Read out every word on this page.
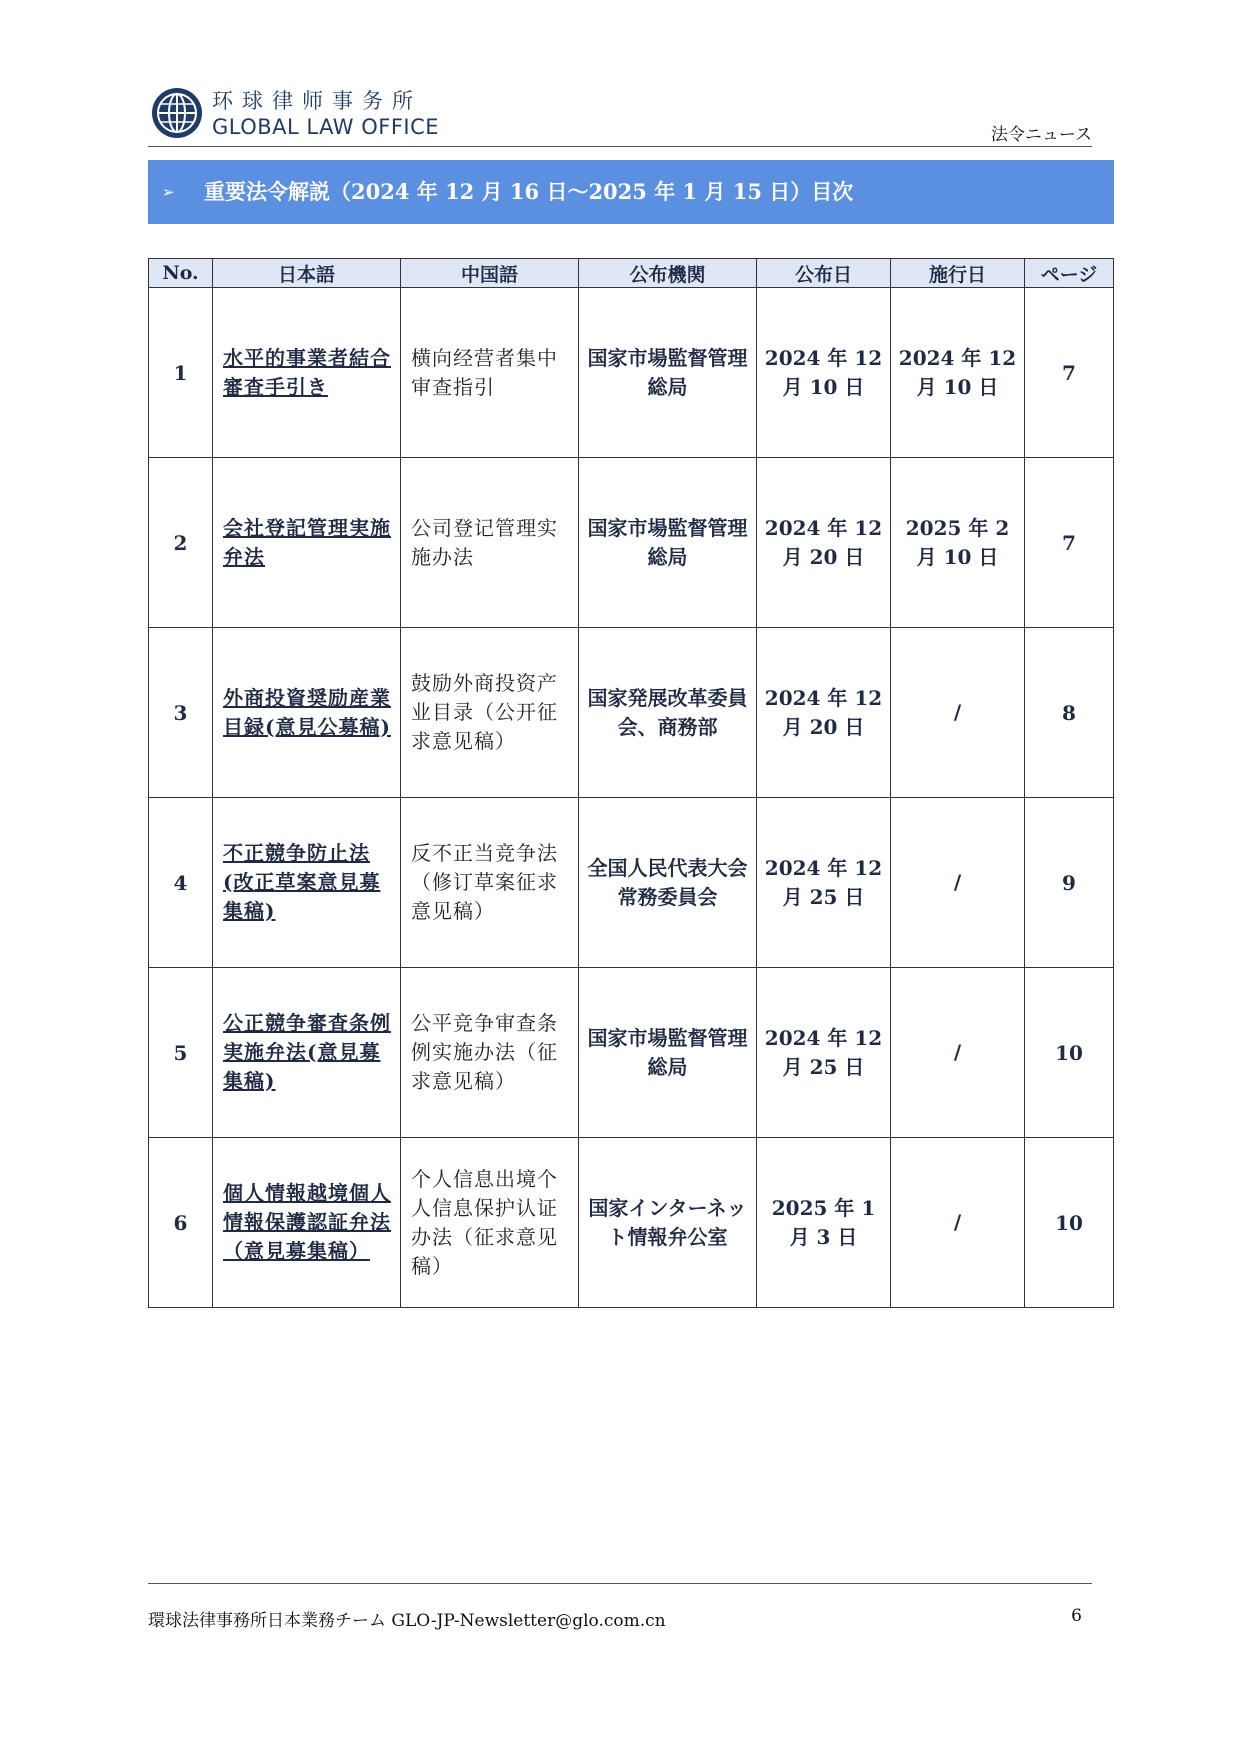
环球律师事务所
GLOBAL LAW OFFICE	法令ニュース
➢ 重要法令解説（2024 年 12 月 16 日～2025 年 1 月 15 日）目次
No.	日本語	中国語	公布機関	公布日	施行日	ページ
1	水平的事業者結合審査手引き	横向经营者集中审查指引	国家市場監督管理総局	2024 年 12 月 10 日	2024 年 12 月 10 日	7
2	会社登記管理実施弁法	公司登记管理实施办法	国家市場監督管理総局	2024 年 12 月 20 日	2025 年 2 月 10 日	7
3	外商投資奨励産業目録(意見公募稿)	鼓励外商投资产业目录（公开征求意见稿）	国家発展改革委員会、商務部	2024 年 12 月 20 日	/	8
4	不正競争防止法(改正草案意見募集稿)	反不正当竞争法（修订草案征求意见稿）	全国人民代表大会常務委員会	2024 年 12 月 25 日	/	9
5	公正競争審査条例実施弁法(意見募集稿)	公平竞争审查条例实施办法（征求意见稿）	国家市場監督管理総局	2024 年 12 月 25 日	/	10
6	個人情報越境個人情報保護認証弁法（意見募集稿）	个人信息出境个人信息保护认证办法（征求意见稿）	国家インターネット情報弁公室	2025 年 1 月 3 日	/	10
環球法律事務所日本業務チーム GLO-JP-Newsletter@glo.com.cn	6
